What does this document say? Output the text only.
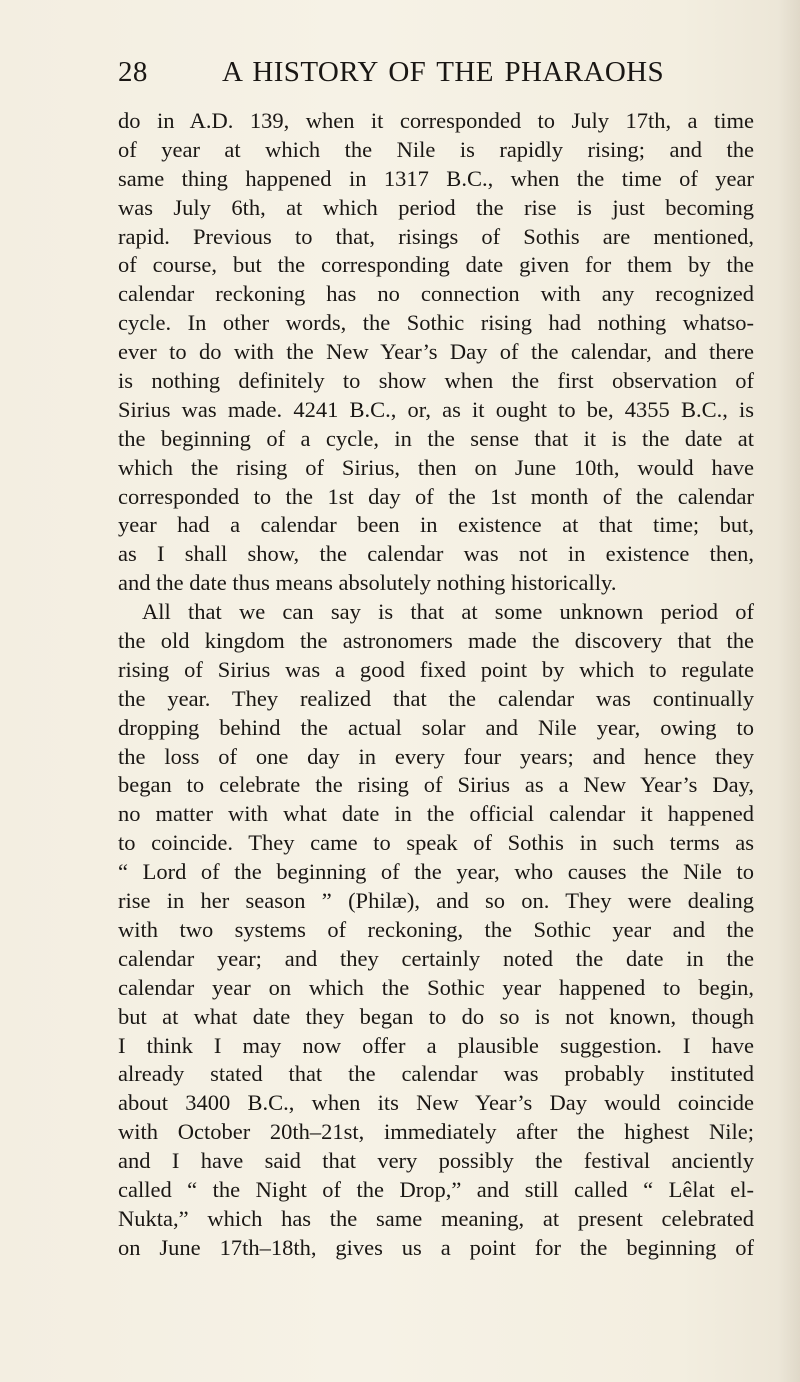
28	A HISTORY OF THE PHARAOHS
do in A.D. 139, when it corresponded to July 17th, a time
of year at which the Nile is rapidly rising; and the
same thing happened in 1317 B.C., when the time of year
was July 6th, at which period the rise is just becoming
rapid. Previous to that, risings of Sothis are mentioned,
of course, but the corresponding date given for them by the
calendar reckoning has no connection with any recognized
cycle. In other words, the Sothic rising had nothing whatso-
ever to do with the New Year’s Day of the calendar, and there
is nothing definitely to show when the first observation of
Sirius was made. 4241 B.C., or, as it ought to be, 4355 B.C., is
the beginning of a cycle, in the sense that it is the date at
which the rising of Sirius, then on June 10th, would have
corresponded to the 1st day of the 1st month of the calendar
year had a calendar been in existence at that time; but,
as I shall show, the calendar was not in existence then,
and the date thus means absolutely nothing historically.
All that we can say is that at some unknown period of
the old kingdom the astronomers made the discovery that the
rising of Sirius was a good fixed point by which to regulate
the year. They realized that the calendar was continually
dropping behind the actual solar and Nile year, owing to
the loss of one day in every four years; and hence they
began to celebrate the rising of Sirius as a New Year’s Day,
no matter with what date in the official calendar it happened
to coincide. They came to speak of Sothis in such terms as
“ Lord of the beginning of the year, who causes the Nile to
rise in her season ” (Philæ), and so on. They were dealing
with two systems of reckoning, the Sothic year and the
calendar year; and they certainly noted the date in the
calendar year on which the Sothic year happened to begin,
but at what date they began to do so is not known, though
I think I may now offer a plausible suggestion. I have
already stated that the calendar was probably instituted
about 3400 B.C., when its New Year’s Day would coincide
with October 20th–21st, immediately after the highest Nile;
and I have said that very possibly the festival anciently
called “ the Night of the Drop,” and still called “ Lêlat el-
Nukta,” which has the same meaning, at present celebrated
on June 17th–18th, gives us a point for the beginning of
